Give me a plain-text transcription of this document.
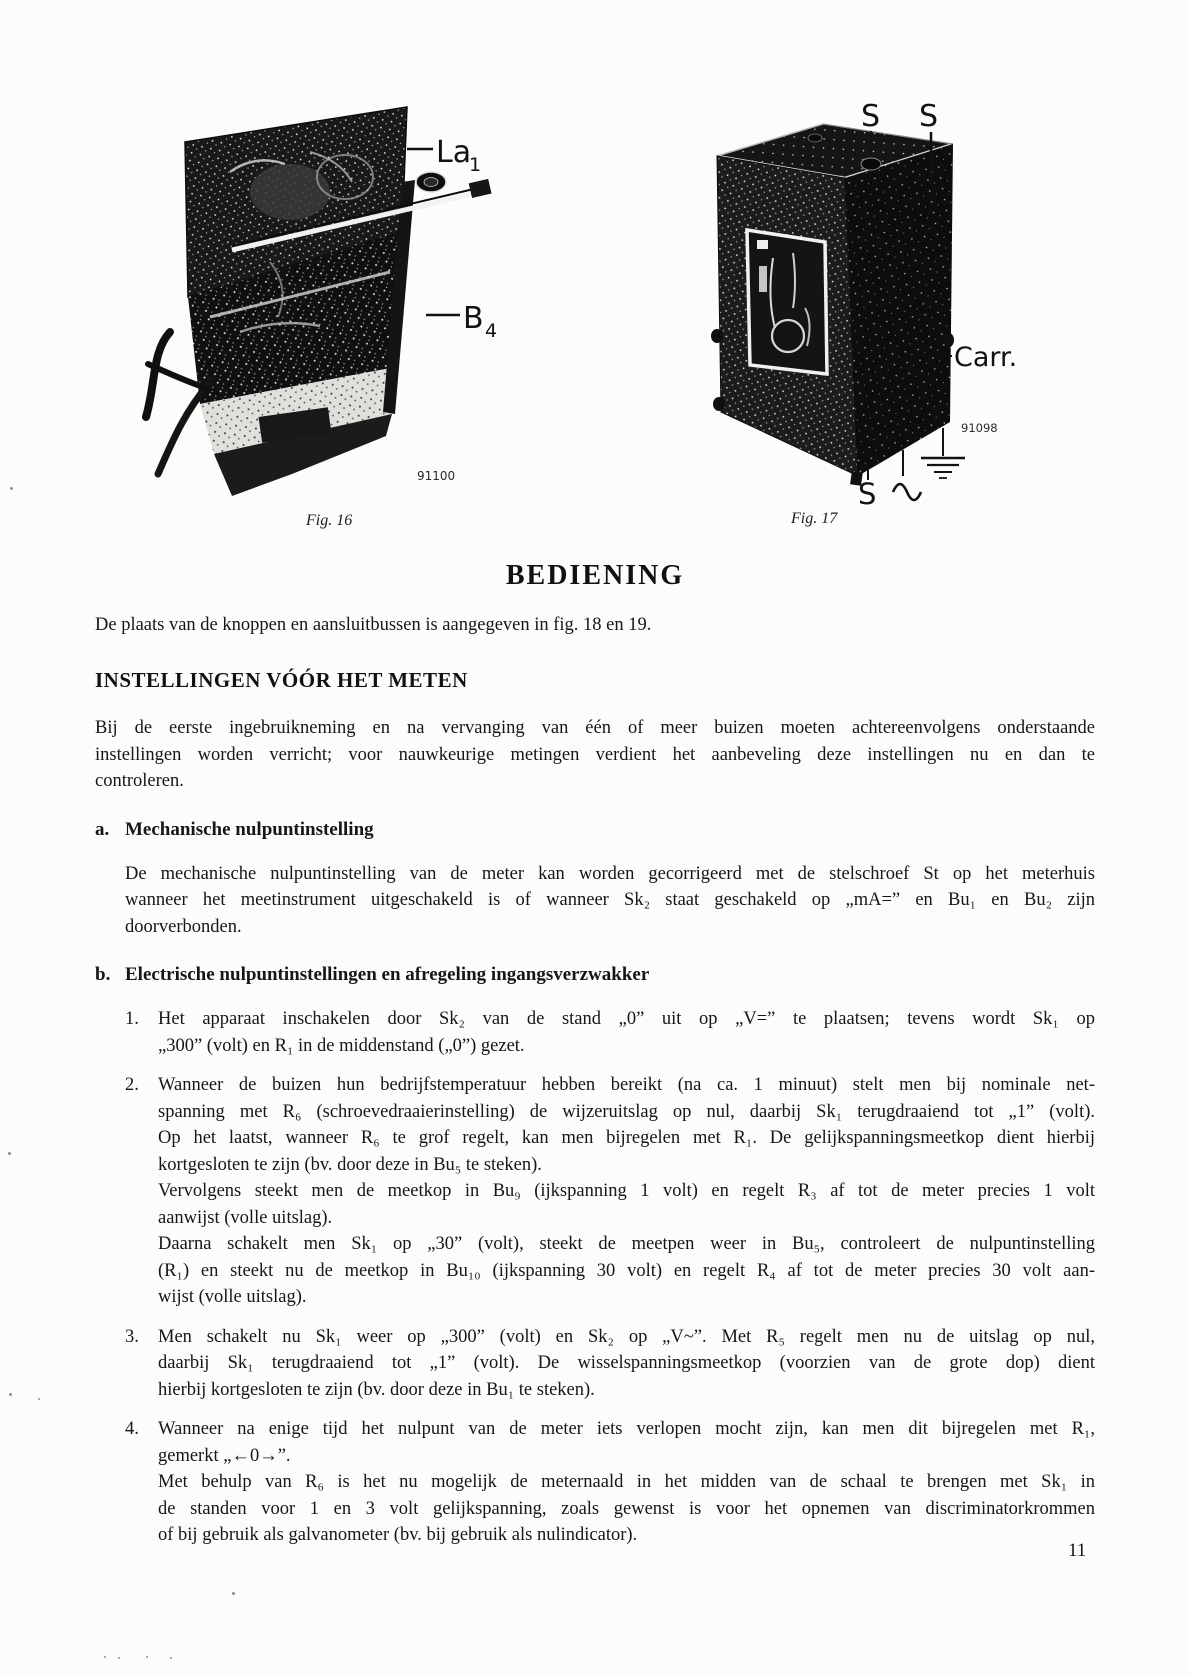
La
1
B 4
91100
Fig. 16
S S
Carr.
91098
S
Fig. 17
BEDIENING

De plaats van de knoppen en aansluitbussen is aangegeven in fig. 18 en 19.

INSTELLINGEN VÓÓR HET METEN
Bij de eerste ingebruikneming en na vervanging van één of meer buizen moeten achtereenvolgens onderstaande
instellingen worden verricht; voor nauwkeurige metingen verdient het aanbeveling deze instellingen nu en dan te
controleren.
a. Mechanische nulpuntinstelling
De mechanische nulpuntinstelling van de meter kan worden gecorrigeerd met de stelschroef St op het meterhuis
wanneer het meetinstrument uitgeschakeld is of wanneer Sk₂ staat geschakeld op „mA=” en Bu₁ en Bu₂ zijn
doorverbonden.
b. Electrische nulpuntinstellingen en afregeling ingangsverzwakker
1.	Het apparaat inschakelen door Sk₂ van de stand „0” uit op „V=” te plaatsen; tevens wordt Sk₁ op
„300” (volt) en R₁ in de middenstand („0”) gezet.
2.	Wanneer de buizen hun bedrijfstemperatuur hebben bereikt (na ca. 1 minuut) stelt men bij nominale net-
spanning met R₆ (schroevedraaierinstelling) de wijzeruitslag op nul, daarbij Sk₁ terugdraaiend tot „1” (volt).
Op het laatst, wanneer R₆ te grof regelt, kan men bijregelen met R₁. De gelijkspanningsmeetkop dient hierbij
kortgesloten te zijn (bv. door deze in Bu₅ te steken).
Vervolgens steekt men de meetkop in Bu₉ (ijkspanning 1 volt) en regelt R₃ af tot de meter precies 1 volt
aanwijst (volle uitslag).
Daarna schakelt men Sk₁ op „30” (volt), steekt de meetpen weer in Bu₅, controleert de nulpuntinstelling
(R₁) en steekt nu de meetkop in Bu₁₀ (ijkspanning 30 volt) en regelt R₄ af tot de meter precies 30 volt aan-
wijst (volle uitslag).
3.	Men schakelt nu Sk₁ weer op „300” (volt) en Sk₂ op „V~”. Met R₅ regelt men nu de uitslag op nul,
daarbij Sk₁ terugdraaiend tot „1” (volt). De wisselspanningsmeetkop (voorzien van de grote dop) dient
hierbij kortgesloten te zijn (bv. door deze in Bu₁ te steken).
4.	Wanneer na enige tijd het nulpunt van de meter iets verlopen mocht zijn, kan men dit bijregelen met R₁,
gemerkt „←0→”.
Met behulp van R₆ is het nu mogelijk de meternaald in het midden van de schaal te brengen met Sk₁ in
de standen voor 1 en 3 volt gelijkspanning, zoals gewenst is voor het opnemen van discriminatorkrommen
of bij gebruik als galvanometer (bv. bij gebruik als nulindicator).
11
